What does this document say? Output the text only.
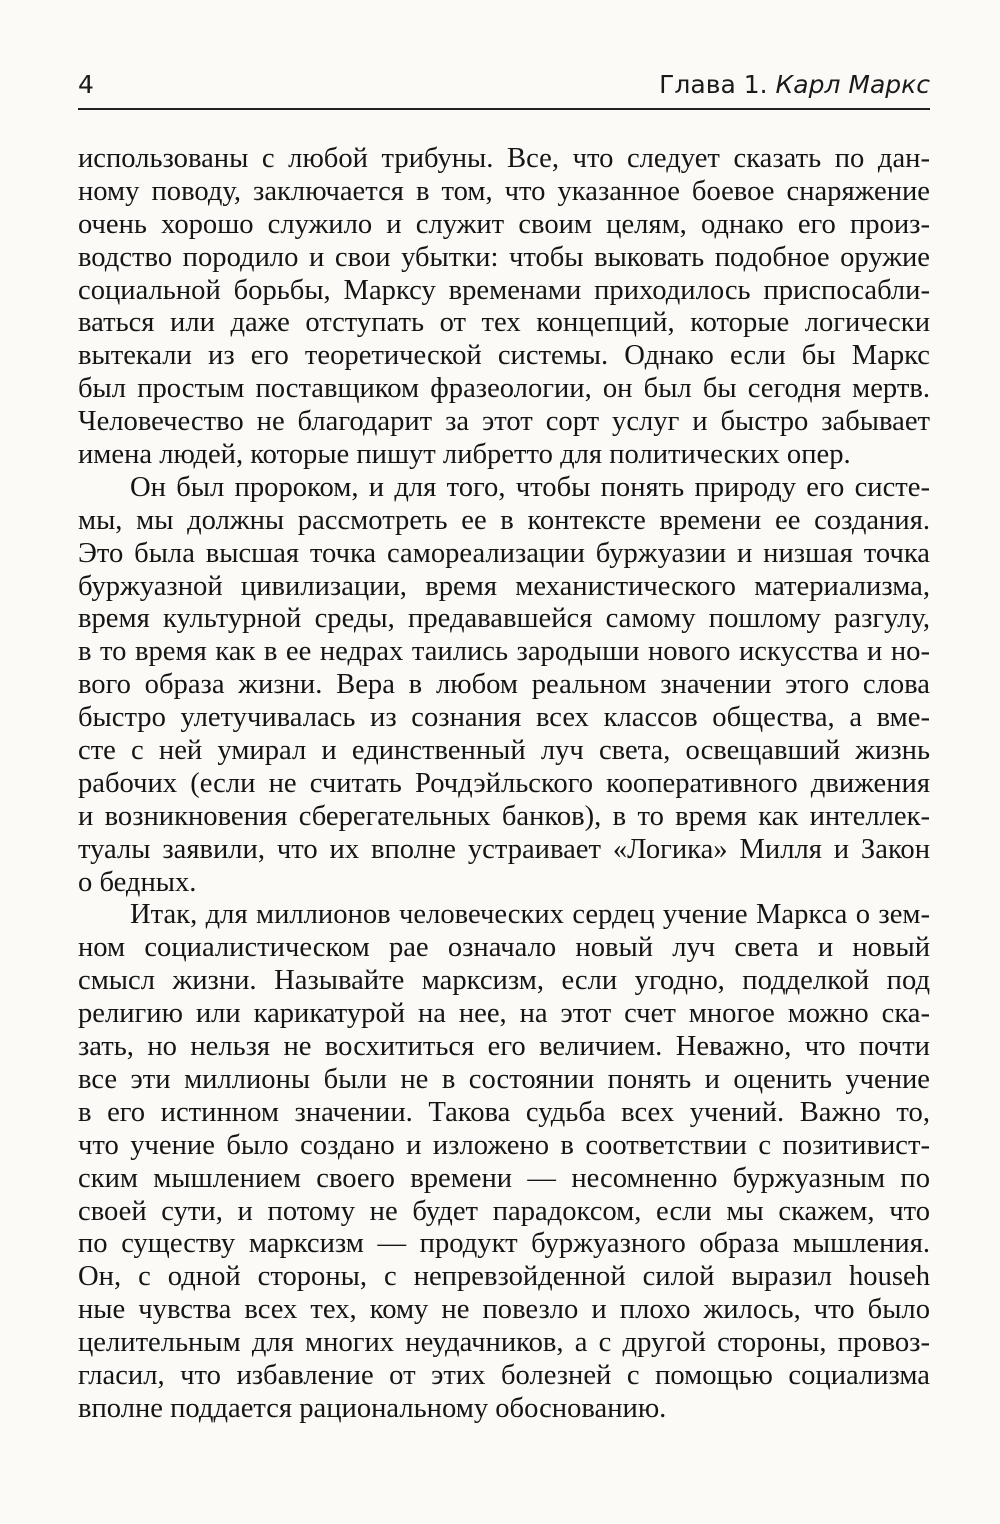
4	Глава 1. Карл Маркс
использованы с любой трибуны. Все, что следует сказать по дан-
ному поводу, заключается в том, что указанное боевое снаряжение
очень хорошо служило и служит своим целям, однако его произ-
водство породило и свои убытки: чтобы выковать подобное оружие
социальной борьбы, Марксу временами приходилось приспосабли-
ваться или даже отступать от тех концепций, которые логически
вытекали из его теоретической системы. Однако если бы Маркс
был простым поставщиком фразеологии, он был бы сегодня мертв.
Человечество не благодарит за этот сорт услуг и быстро забывает
имена людей, которые пишут либретто для политических опер.
Он был пророком, и для того, чтобы понять природу его систе-
мы, мы должны рассмотреть ее в контексте времени ее создания.
Это была высшая точка самореализации буржуазии и низшая точка
буржуазной цивилизации, время механистического материализма,
время культурной среды, предававшейся самому пошлому разгулу,
в то время как в ее недрах таились зародыши нового искусства и но-
вого образа жизни. Вера в любом реальном значении этого слова
быстро улетучивалась из сознания всех классов общества, а вме-
сте с ней умирал и единственный луч света, освещавший жизнь
рабочих (если не считать Рочдэйльского кооперативного движения
и возникновения сберегательных банков), в то время как интеллек-
туалы заявили, что их вполне устраивает «Логика» Милля и Закон
о бедных.
Итак, для миллионов человеческих сердец учение Маркса о зем-
ном социалистическом рае означало новый луч света и новый
смысл жизни. Называйте марксизм, если угодно, подделкой под
религию или карикатурой на нее, на этот счет многое можно ска-
зать, но нельзя не восхититься его величием. Неважно, что почти
все эти миллионы были не в состоянии понять и оценить учение
в его истинном значении. Такова судьба всех учений. Важно то,
что учение было создано и изложено в соответствии с позитивист-
ским мышлением своего времени — несомненно буржуазным по
своей сути, и потому не будет парадоксом, если мы скажем, что
по существу марксизм — продукт буржуазного образа мышления.
Он, с одной стороны, с непревзойденной силой выразил househ
ные чувства всех тех, кому не повезло и плохо жилось, что было
целительным для многих неудачников, а с другой стороны, провоз-
гласил, что избавление от этих болезней с помощью социализма
вполне поддается рациональному обоснованию.
